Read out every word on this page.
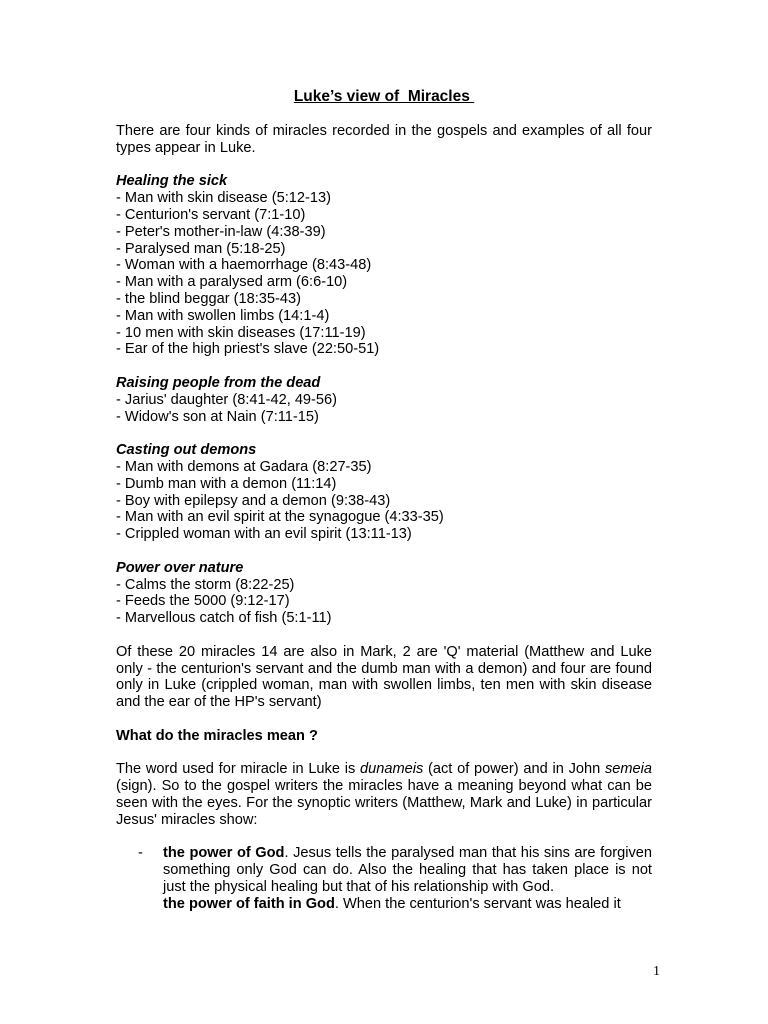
Luke’s view of  Miracles

There are four kinds of miracles recorded in the gospels and examples of all four types appear in Luke.

Healing the sick

- Man with skin disease (5:12-13)
- Centurion's servant (7:1-10)
- Peter's mother-in-law (4:38-39)
- Paralysed man (5:18-25)
- Woman with a haemorrhage (8:43-48)
- Man with a paralysed arm (6:6-10)
- the blind beggar (18:35-43)
- Man with swollen limbs (14:1-4)
- 10 men with skin diseases (17:11-19)
- Ear of the high priest's slave (22:50-51)

Raising people from the dead

- Jarius' daughter (8:41-42, 49-56)
- Widow's son at Nain (7:11-15)

Casting out demons

- Man with demons at Gadara (8:27-35)
- Dumb man with a demon (11:14)
- Boy with epilepsy and a demon (9:38-43)
- Man with an evil spirit at the synagogue (4:33-35)
- Crippled woman with an evil spirit (13:11-13)

Power over nature

- Calms the storm (8:22-25)
- Feeds the 5000 (9:12-17)
- Marvellous catch of fish (5:1-11)

Of these 20 miracles 14 are also in Mark, 2 are 'Q' material (Matthew and Luke only - the centurion's servant and the dumb man with a demon) and four are found only in Luke (crippled woman, man with swollen limbs, ten men with skin disease and the ear of the HP's servant)

What do the miracles mean ?

The word used for miracle in Luke is dunameis (act of power) and in John semeia (sign). So to the gospel writers the miracles have a meaning beyond what can be seen with the eyes. For the synoptic writers (Matthew, Mark and Luke) in particular Jesus' miracles show:

- the power of God. Jesus tells the paralysed man that his sins are forgiven something only God can do. Also the healing that has taken place is not just the physical healing but that of his relationship with God.
the power of faith in God. When the centurion's servant was healed it
1
